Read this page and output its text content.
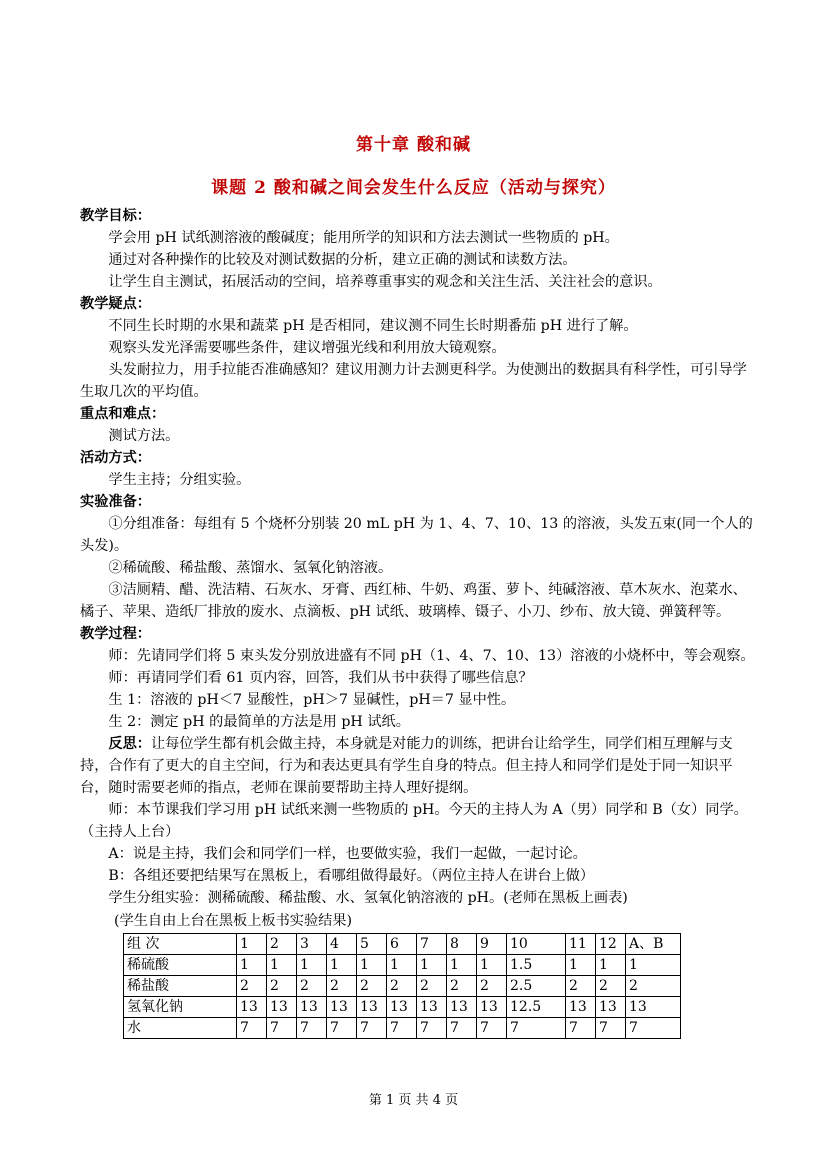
第十章 酸和碱
课题 2 酸和碱之间会发生什么反应（活动与探究）
教学目标：
学会用 pH 试纸测溶液的酸碱度；能用所学的知识和方法去测试一些物质的 pH。
通过对各种操作的比较及对测试数据的分析，建立正确的测试和读数方法。
让学生自主测试，拓展活动的空间，培养尊重事实的观念和关注生活、关注社会的意识。
教学疑点：
不同生长时期的水果和蔬菜 pH 是否相同，建议测不同生长时期番茄 pH 进行了解。
观察头发光泽需要哪些条件，建议增强光线和利用放大镜观察。
头发耐拉力，用手拉能否准确感知？建议用测力计去测更科学。为使测出的数据具有科学性，可引导学生取几次的平均值。
重点和难点：
测试方法。
活动方式：
学生主持；分组实验。
实验准备：
①分组准备：每组有 5 个烧杯分别装 20 mL pH 为 1、4、7、10、13 的溶液，头发五束(同一个人的头发)。
②稀硫酸、稀盐酸、蒸馏水、氢氧化钠溶液。
③洁厕精、醋、洗洁精、石灰水、牙膏、西红柿、牛奶、鸡蛋、萝卜、纯碱溶液、草木灰水、泡菜水、橘子、苹果、造纸厂排放的废水、点滴板、pH 试纸、玻璃棒、镊子、小刀、纱布、放大镜、弹簧秤等。
教学过程：
师：先请同学们将 5 束头发分别放进盛有不同 pH（1、4、7、10、13）溶液的小烧杯中，等会观察。
师：再请同学们看 61 页内容，回答，我们从书中获得了哪些信息？
生 1：溶液的 pH＜7 显酸性，pH＞7 显碱性，pH＝7 显中性。
生 2：测定 pH 的最简单的方法是用 pH 试纸。
反思：让每位学生都有机会做主持，本身就是对能力的训练，把讲台让给学生，同学们相互理解与支持，合作有了更大的自主空间，行为和表达更具有学生自身的特点。但主持人和同学们是处于同一知识平台，随时需要老师的指点，老师在课前要帮助主持人理好提纲。
师：本节课我们学习用 pH 试纸来测一些物质的 pH。今天的主持人为 A（男）同学和 B（女）同学。（主持人上台）
A：说是主持，我们会和同学们一样，也要做实验，我们一起做，一起讨论。
B：各组还要把结果写在黑板上，看哪组做得最好。（两位主持人在讲台上做）
学生分组实验：测稀硫酸、稀盐酸、水、氢氧化钠溶液的 pH。(老师在黑板上画表)
(学生自由上台在黑板上板书实验结果)
组 次	1	2	3	4	5	6	7	8	9	10	11	12	A、B
稀硫酸	1	1	1	1	1	1	1	1	1	1.5	1	1	1
稀盐酸	2	2	2	2	2	2	2	2	2	2.5	2	2	2
氢氧化钠	13	13	13	13	13	13	13	13	13	12.5	13	13	13
水	7	7	7	7	7	7	7	7	7	7	7	7	7
第 1 页 共 4 页
